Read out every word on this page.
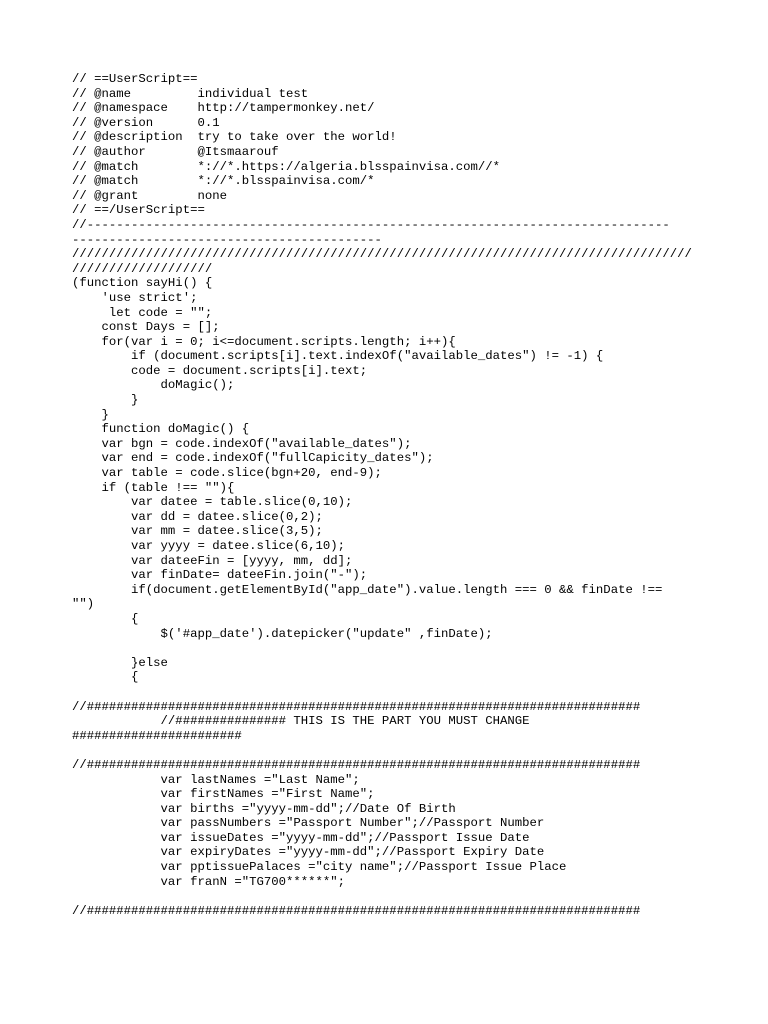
// ==UserScript==
// @name         individual test
// @namespace    http://tampermonkey.net/
// @version      0.1
// @description  try to take over the world!
// @author       @Itsmaarouf
// @match        *://*.https://algeria.blsspainvisa.com//*
// @match        *://*.blsspainvisa.com/*
// @grant        none
// ==/UserScript==
//-------------------------------------------------------------------------------
------------------------------------------
////////////////////////////////////////////////////////////////////////////////////
///////////////////
(function sayHi() {
'use strict';
let code = "";
const Days = [];
for(var i = 0; i<=document.scripts.length; i++){
if (document.scripts[i].text.indexOf("available_dates") != -1) {
code = document.scripts[i].text;
doMagic();
}
}
function doMagic() {
var bgn = code.indexOf("available_dates");
var end = code.indexOf("fullCapicity_dates");
var table = code.slice(bgn+20, end-9);
if (table !== ""){
var datee = table.slice(0,10);
var dd = datee.slice(0,2);
var mm = datee.slice(3,5);
var yyyy = datee.slice(6,10);
var dateeFin = [yyyy, mm, dd];
var finDate= dateeFin.join("-");
if(document.getElementById("app_date").value.length === 0 && finDate !==
"")
{
$('#app_date').datepicker("update" ,finDate);
}else
{
//###########################################################################
//############### THIS IS THE PART YOU MUST CHANGE
#######################
//###########################################################################
var lastNames ="Last Name";
var firstNames ="First Name";
var births ="yyyy-mm-dd";//Date Of Birth
var passNumbers ="Passport Number";//Passport Number
var issueDates ="yyyy-mm-dd";//Passport Issue Date
var expiryDates ="yyyy-mm-dd";//Passport Expiry Date
var pptissuePalaces ="city name";//Passport Issue Place
var franN ="TG700******";
//###########################################################################
